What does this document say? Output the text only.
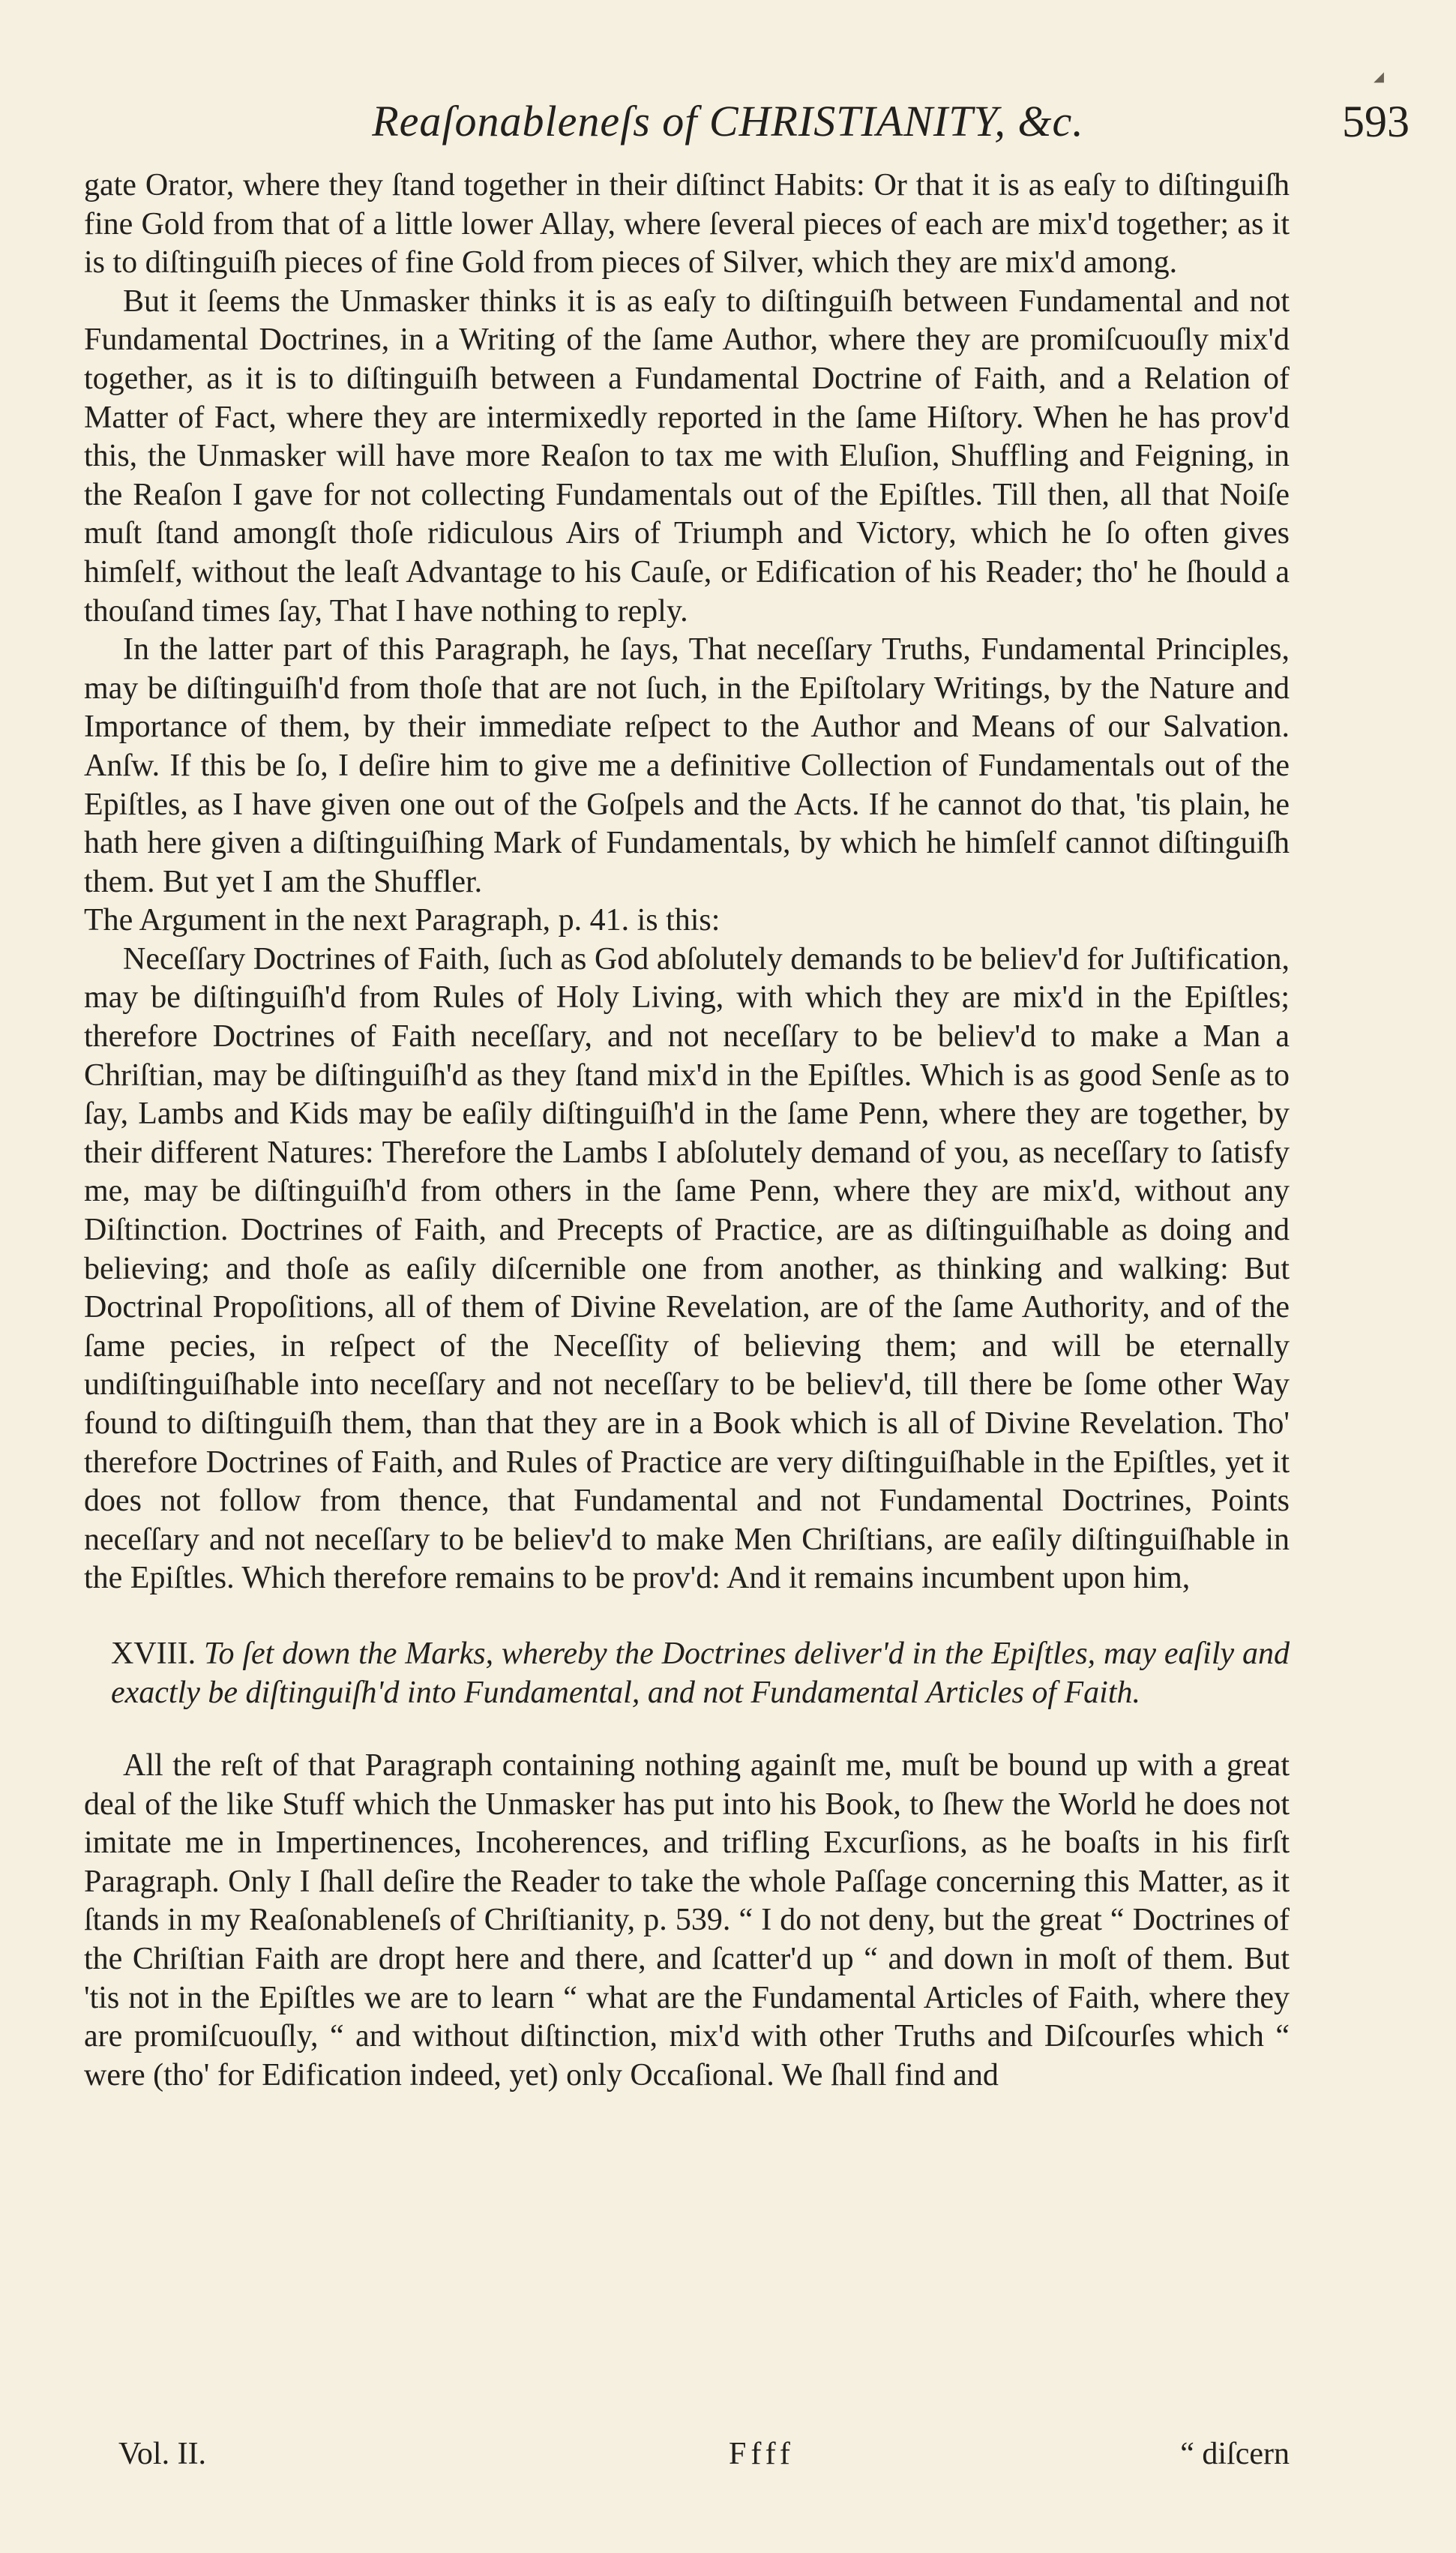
◢
Reaſonableneſs of CHRISTIANITY, &c.	593

gate Orator, where they ſtand together in their diſtinct Habits: Or that it is as eaſy to diſtinguiſh fine Gold from that of a little lower Allay, where ſeveral pieces of each are mix'd together; as it is to diſtinguiſh pieces of fine Gold from pieces of Silver, which they are mix'd among.

But it ſeems the Unmasker thinks it is as eaſy to diſtinguiſh between Fundamental and not Fundamental Doctrines, in a Writing of the ſame Author, where they are promiſcuouſly mix'd together, as it is to diſtinguiſh between a Fundamental Doctrine of Faith, and a Relation of Matter of Fact, where they are intermixedly reported in the ſame Hiſtory. When he has prov'd this, the Unmasker will have more Reaſon to tax me with Eluſion, Shuffling and Feigning, in the Reaſon I gave for not collecting Fundamentals out of the Epiſtles. Till then, all that Noiſe muſt ſtand amongſt thoſe ridiculous Airs of Triumph and Victory, which he ſo often gives himſelf, without the leaſt Advantage to his Cauſe, or Edification of his Reader; tho' he ſhould a thouſand times ſay, That I have nothing to reply.

In the latter part of this Paragraph, he ſays, That neceſſary Truths, Fundamental Principles, may be diſtinguiſh'd from thoſe that are not ſuch, in the Epiſtolary Writings, by the Nature and Importance of them, by their immediate reſpect to the Author and Means of our Salvation. Anſw. If this be ſo, I deſire him to give me a definitive Collection of Fundamentals out of the Epiſtles, as I have given one out of the Goſpels and the Acts. If he cannot do that, 'tis plain, he hath here given a diſtinguiſhing Mark of Fundamentals, by which he himſelf cannot diſtinguiſh them. But yet I am the Shuffler.

The Argument in the next Paragraph, p. 41. is this:

Neceſſary Doctrines of Faith, ſuch as God abſolutely demands to be believ'd for Juſtification, may be diſtinguiſh'd from Rules of Holy Living, with which they are mix'd in the Epiſtles; therefore Doctrines of Faith neceſſary, and not neceſſary to be believ'd to make a Man a Chriſtian, may be diſtinguiſh'd as they ſtand mix'd in the Epiſtles. Which is as good Senſe as to ſay, Lambs and Kids may be eaſily diſtinguiſh'd in the ſame Penn, where they are together, by their different Natures: Therefore the Lambs I abſolutely demand of you, as neceſſary to ſatisfy me, may be diſtinguiſh'd from others in the ſame Penn, where they are mix'd, without any Diſtinction. Doctrines of Faith, and Precepts of Practice, are as diſtinguiſhable as doing and believing; and thoſe as eaſily diſcernible one from another, as thinking and walking: But Doctrinal Propoſitions, all of them of Divine Revelation, are of the ſame Authority, and of the ſame pecies, in reſpect of the Neceſſity of believing them; and will be eternally undiſtinguiſhable into neceſſary and not neceſſary to be believ'd, till there be ſome other Way found to diſtinguiſh them, than that they are in a Book which is all of Divine Revelation. Tho' therefore Doctrines of Faith, and Rules of Practice are very diſtinguiſhable in the Epiſtles, yet it does not follow from thence, that Fundamental and not Fundamental Doctrines, Points neceſſary and not neceſſary to be believ'd to make Men Chriſtians, are eaſily diſtinguiſhable in the Epiſtles. Which therefore remains to be prov'd: And it remains incumbent upon him,

XVIII. To ſet down the Marks, whereby the Doctrines deliver'd in the Epiſtles, may eaſily and exactly be diſtinguiſh'd into Fundamental, and not Fundamental Articles of Faith.

All the reſt of that Paragraph containing nothing againſt me, muſt be bound up with a great deal of the like Stuff which the Unmasker has put into his Book, to ſhew the World he does not imitate me in Impertinences, Incoherences, and trifling Excurſions, as he boaſts in his firſt Paragraph. Only I ſhall deſire the Reader to take the whole Paſſage concerning this Matter, as it ſtands in my Reaſonableneſs of Chriſtianity, p. 539. “ I do not deny, but the great “ Doctrines of the Chriſtian Faith are dropt here and there, and ſcatter'd up “ and down in moſt of them. But 'tis not in the Epiſtles we are to learn “ what are the Fundamental Articles of Faith, where they are promiſcuouſly, “ and without diſtinction, mix'd with other Truths and Diſcourſes which “ were (tho' for Edification indeed, yet) only Occaſional. We ſhall find and

Vol. II.	Ffff	“ diſcern
